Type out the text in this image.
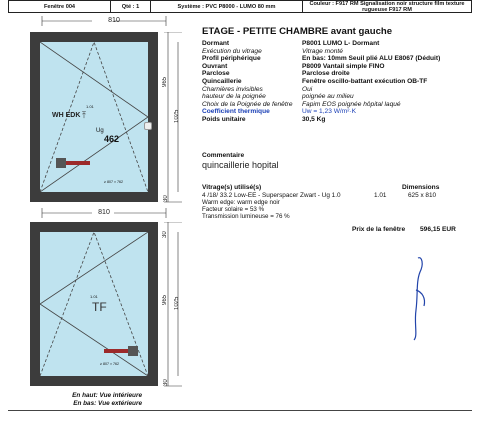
Fenêtre 004	Qté : 1	Système : PVC P8000 - LUMO 80 mm	Couleur : F917 RM Signalisation noir structure film texture rugueuse F917 RM
810
WH EDK
1.01
⤒
Ug
462
≥ 807 × 762
965
1025
30
810
1.01
TF
≥ 807 × 762
30
965 1025
30
En haut: Vue intérieure
En bas: Vue extérieure
ETAGE - PETITE CHAMBRE avant gauche
Dormant	P8001 LUMO L- Dormant
Exécution du vitrage	Vitrage monté
Profil périphérique	En bas: 10mm Seuil plié ALU E8067 (Déduit)
Ouvrant	P8009 Vantail simple FINO
Parclose	Parclose droite
Quincaillerie	Fenêtre oscillo-battant exécution OB-TF
Charnières invisibles	Oui
hauteur de la poignée	poignée au milieu
Choix de la Poignée de fenêtre	Fapim EOS poignée hôpital laqué
Coefficient thermique	Uw = 1,23 W/m²·K
Poids unitaire	30,5 Kg
Commentaire
quincaillerie hopital
Vitrage(s) utilisé(s)	Dimensions
4 /18/ 33.2 Low-EE - Superspacer Zwart - Ug 1.0	1.01	625 x 810
Warm edge: warm edge noir
Facteur solaire = 53 %
Transmission lumineuse = 76 %
Prix de la fenêtre 596,15 EUR
